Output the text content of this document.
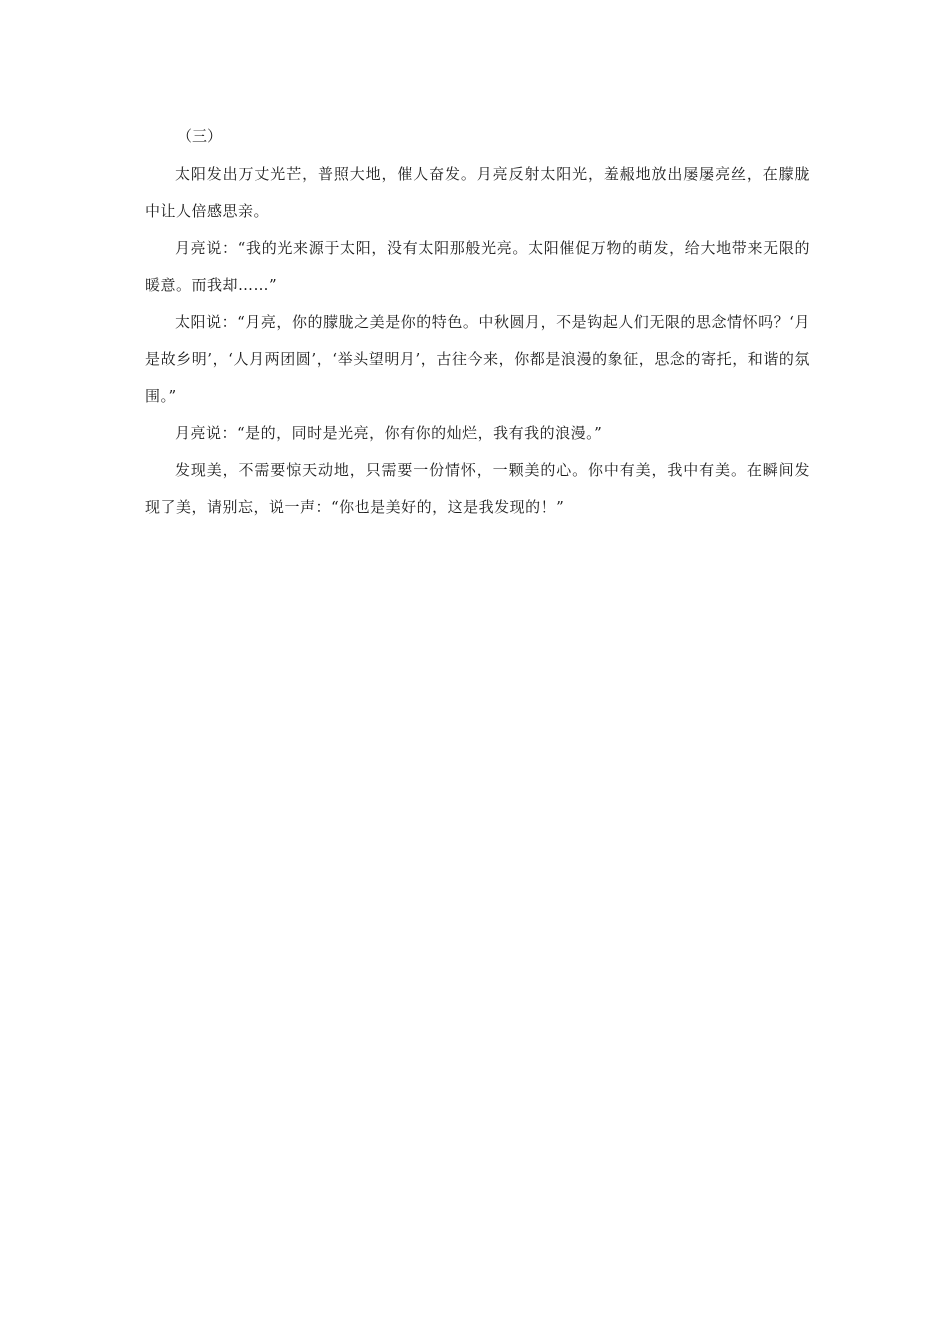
（三）

太阳发出万丈光芒，普照大地，催人奋发。月亮反射太阳光，羞赧地放出屡屡亮丝，在朦胧中让人倍感思亲。

月亮说：“我的光来源于太阳，没有太阳那般光亮。太阳催促万物的萌发，给大地带来无限的暖意。而我却……”

太阳说：“月亮，你的朦胧之美是你的特色。中秋圆月，不是钩起人们无限的思念情怀吗？‘月是故乡明’，‘人月两团圆’，‘举头望明月’，古往今来，你都是浪漫的象征，思念的寄托，和谐的氛围。”

月亮说：“是的，同时是光亮，你有你的灿烂，我有我的浪漫。”

发现美，不需要惊天动地，只需要一份情怀，一颗美的心。你中有美，我中有美。在瞬间发现了美，请别忘，说一声：“你也是美好的，这是我发现的！”
